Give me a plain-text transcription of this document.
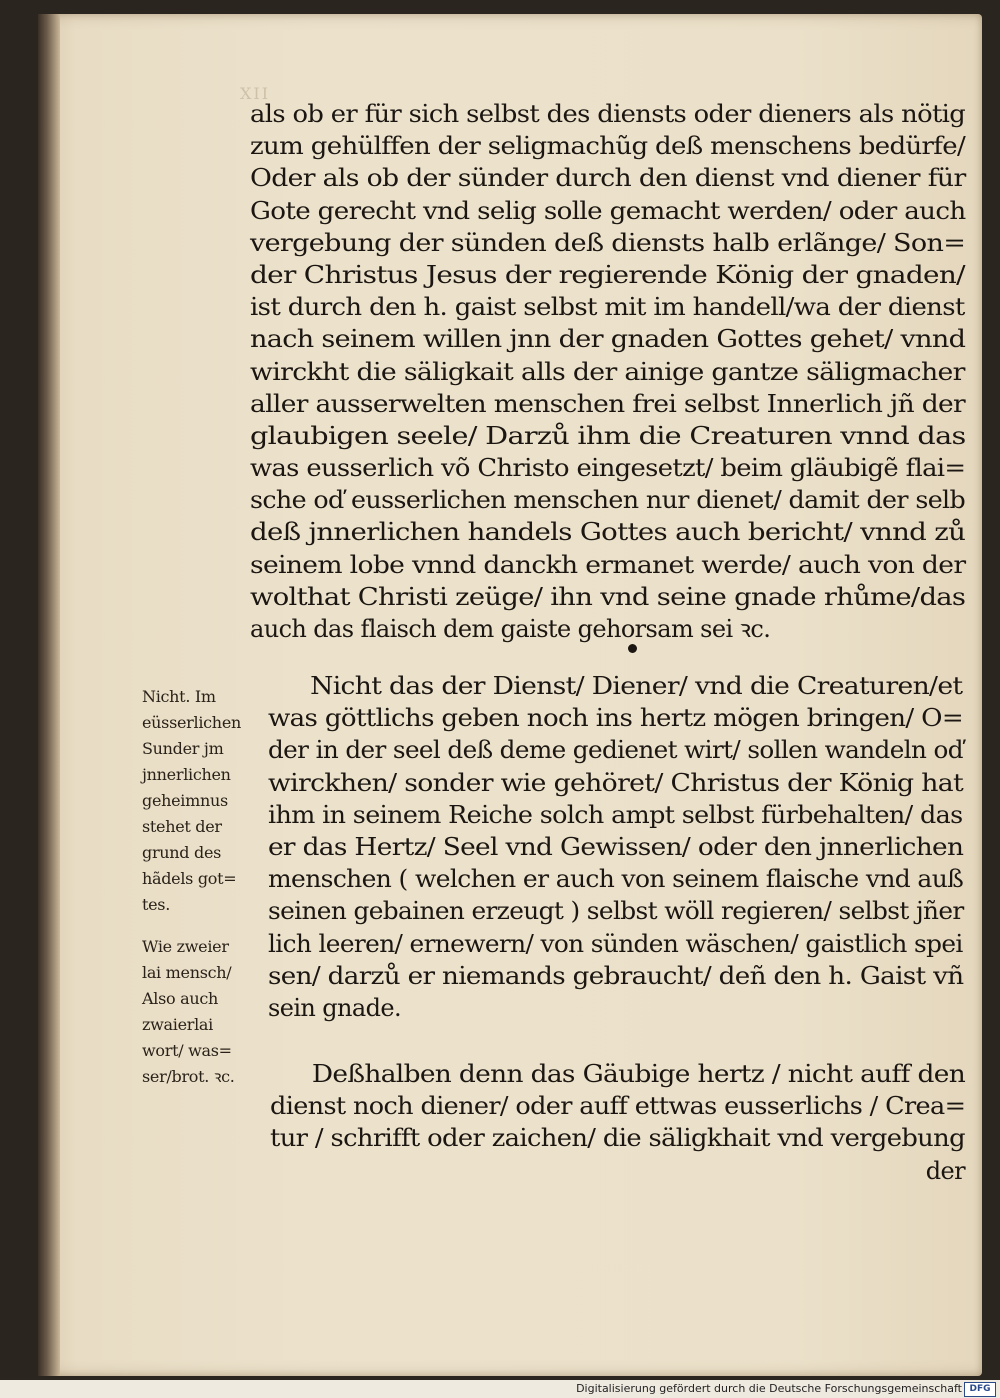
XII
als ob er für sich selbst des diensts oder dieners als nötig
zum gehülffen der seligmachũg deß menschens bedürfe/
Oder als ob der sünder durch den dienst vnd diener für
Gote gerecht vnd selig solle gemacht werden/ oder auch
vergebung der sünden deß diensts halb erlãnge/ Son=
der Christus Jesus der regierende König der gnaden/
ist durch den h. gaist selbst mit im handell/wa der dienst
nach seinem willen jnn der gnaden Gottes gehet/ vnnd
wirckht die säligkait alls der ainige gantze säligmacher
aller ausserwelten menschen frei selbst Innerlich jñ der
glaubigen seele/ Darzů ihm die Creaturen vnnd das
was eusserlich võ Christo eingesetzt/ beim gläubigẽ flai=
sche oď eusserlichen menschen nur dienet/ damit der selb
deß jnnerlichen handels Gottes auch bericht/ vnnd zů
seinem lobe vnnd danckh ermanet werde/ auch von der
wolthat Christi zeüge/ ihn vnd seine gnade rhůme/das
auch das flaisch dem gaiste gehorsam sei ꝛc.
Nicht das der Dienst/ Diener/ vnd die Creaturen/et
was göttlichs geben noch ins hertz mögen bringen/ O=
der in der seel deß deme gedienet wirt/ sollen wandeln oď
wirckhen/ sonder wie gehöret/ Christus der König hat
ihm in seinem Reiche solch ampt selbst fürbehalten/ das
er das Hertz/ Seel vnd Gewissen/ oder den jnnerlichen
menschen ( welchen er auch von seinem flaische vnd auß
seinen gebainen erzeugt ) selbst wöll regieren/ selbst jñer
lich leeren/ ernewern/ von sünden wäschen/ gaistlich spei
sen/ darzů er niemands gebraucht/ deñ den h. Gaist vñ
sein gnade.
Deßhalben denn das Gäubige hertz / nicht auff den
dienst noch diener/ oder auff ettwas eusserlichs / Crea=
tur / schrifft oder zaichen/ die säligkhait vnd vergebung
der
Nicht. Im
eüsserlichen
Sunder jm
jnnerlichen
geheimnus
stehet der
grund des
hãdels got=
tes.
Wie zweier
lai mensch/
Also auch
zwaierlai
wort/ was=
ser/brot. ꝛc.
Digitalisierung gefördert durch die Deutsche Forschungsgemeinschaft DFG
